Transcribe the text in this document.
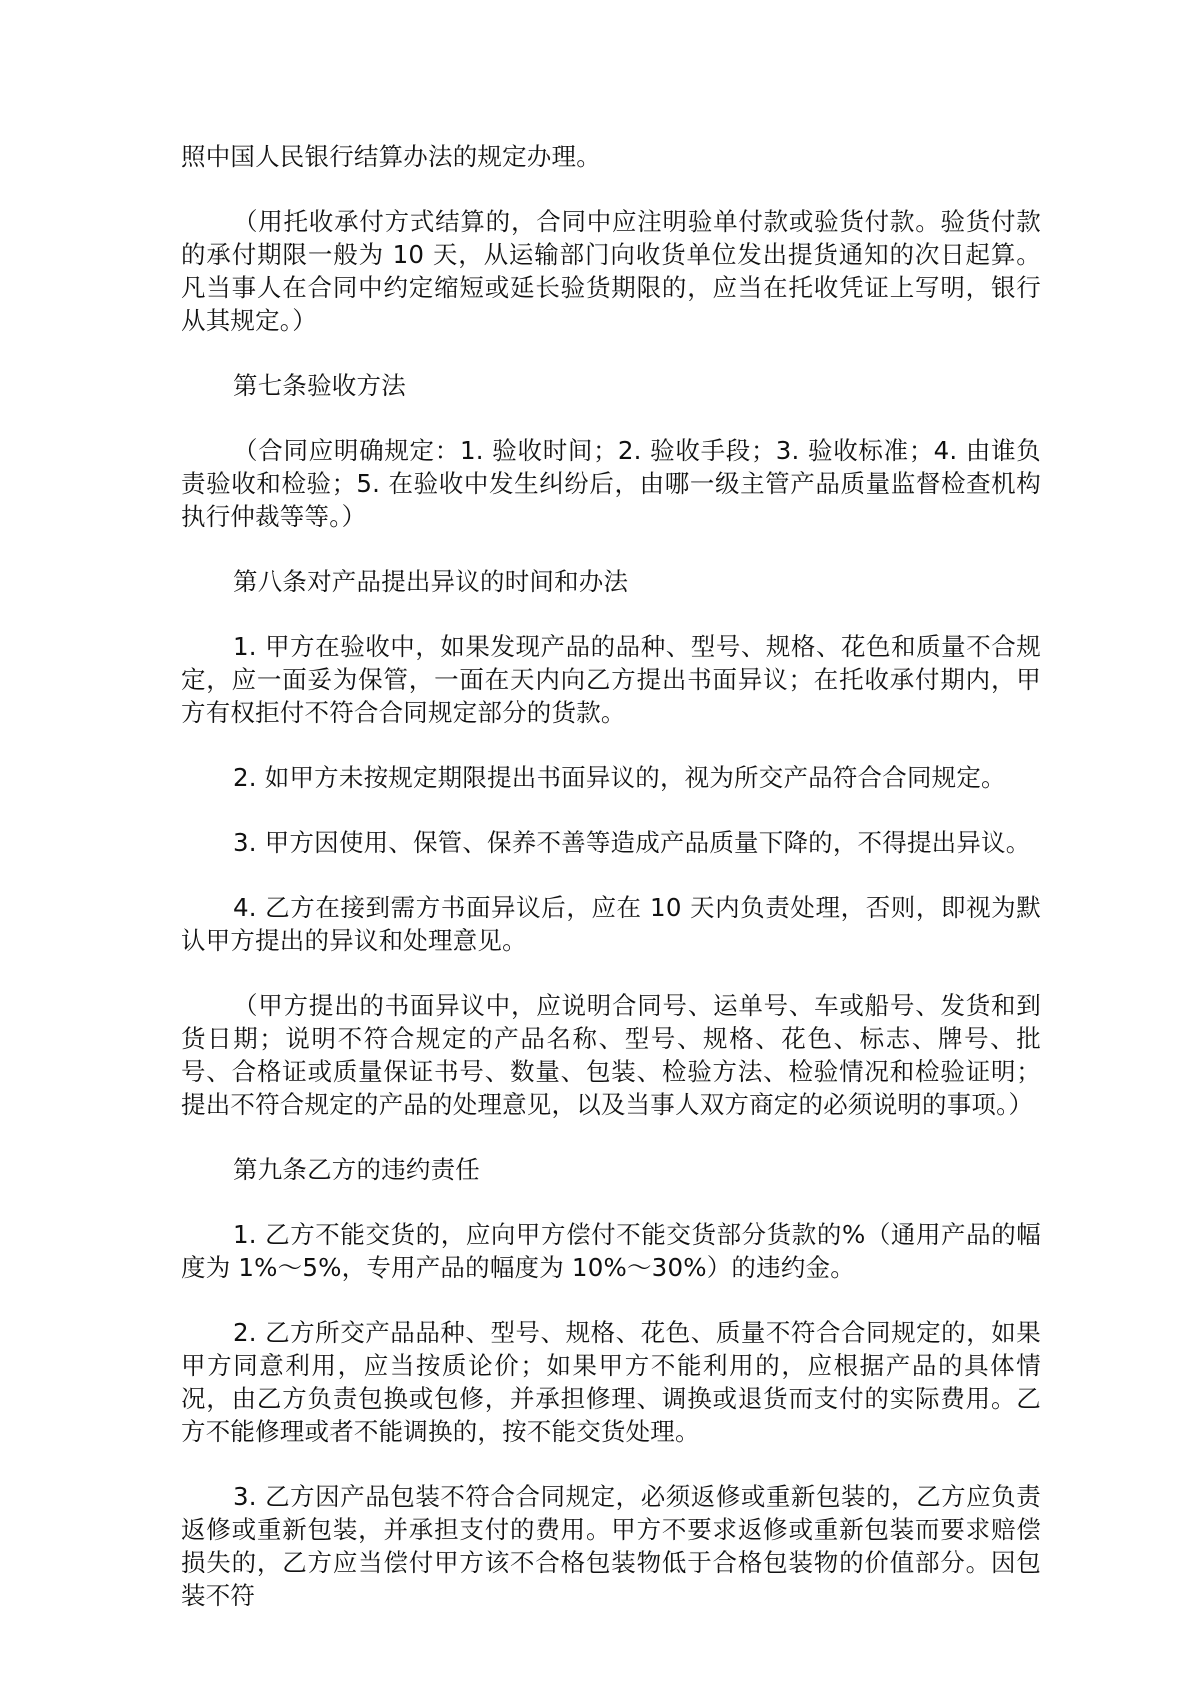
照中国人民银行结算办法的规定办理。

（用托收承付方式结算的，合同中应注明验单付款或验货付款。验货付款的承付期限一般为 10 天，从运输部门向收货单位发出提货通知的次日起算。凡当事人在合同中约定缩短或延长验货期限的，应当在托收凭证上写明，银行从其规定。）

第七条验收方法

（合同应明确规定：1. 验收时间；2. 验收手段；3. 验收标准；4. 由谁负责验收和检验；5. 在验收中发生纠纷后，由哪一级主管产品质量监督检查机构执行仲裁等等。）

第八条对产品提出异议的时间和办法

1. 甲方在验收中，如果发现产品的品种、型号、规格、花色和质量不合规定，应一面妥为保管，一面在天内向乙方提出书面异议；在托收承付期内，甲方有权拒付不符合合同规定部分的货款。

2. 如甲方未按规定期限提出书面异议的，视为所交产品符合合同规定。

3. 甲方因使用、保管、保养不善等造成产品质量下降的，不得提出异议。

4. 乙方在接到需方书面异议后，应在 10 天内负责处理，否则，即视为默认甲方提出的异议和处理意见。

（甲方提出的书面异议中，应说明合同号、运单号、车或船号、发货和到货日期；说明不符合规定的产品名称、型号、规格、花色、标志、牌号、批号、合格证或质量保证书号、数量、包装、检验方法、检验情况和检验证明；提出不符合规定的产品的处理意见，以及当事人双方商定的必须说明的事项。）

第九条乙方的违约责任

1. 乙方不能交货的，应向甲方偿付不能交货部分货款的%（通用产品的幅度为 1%～5%，专用产品的幅度为 10%～30%）的违约金。

2. 乙方所交产品品种、型号、规格、花色、质量不符合合同规定的，如果甲方同意利用，应当按质论价；如果甲方不能利用的，应根据产品的具体情况，由乙方负责包换或包修，并承担修理、调换或退货而支付的实际费用。乙方不能修理或者不能调换的，按不能交货处理。

3. 乙方因产品包装不符合合同规定，必须返修或重新包装的，乙方应负责返修或重新包装，并承担支付的费用。甲方不要求返修或重新包装而要求赔偿损失的，乙方应当偿付甲方该不合格包装物低于合格包装物的价值部分。因包装不符
